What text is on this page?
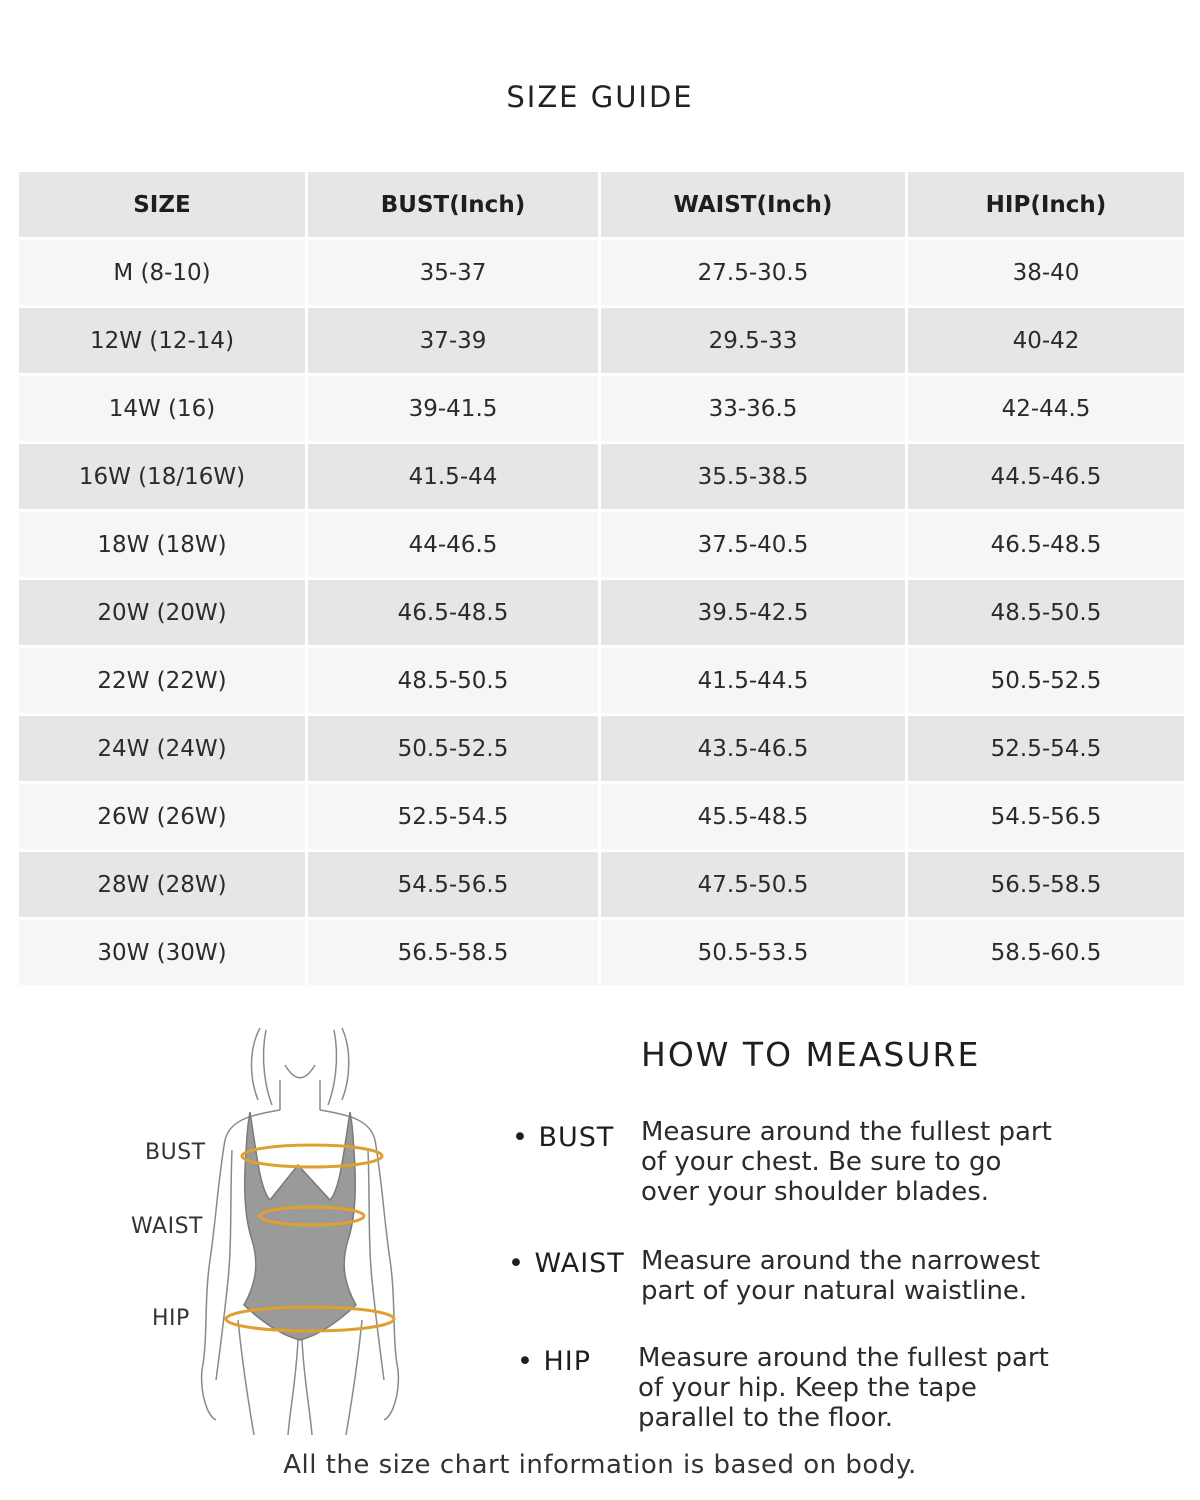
SIZE GUIDE
SIZE	BUST(Inch)	WAIST(Inch)	HIP(Inch)
M (8-10)	35-37	27.5-30.5	38-40
12W (12-14)	37-39	29.5-33	40-42
14W (16)	39-41.5	33-36.5	42-44.5
16W (18/16W)	41.5-44	35.5-38.5	44.5-46.5
18W (18W)	44-46.5	37.5-40.5	46.5-48.5
20W (20W)	46.5-48.5	39.5-42.5	48.5-50.5
22W (22W)	48.5-50.5	41.5-44.5	50.5-52.5
24W (24W)	50.5-52.5	43.5-46.5	52.5-54.5
26W (26W)	52.5-54.5	45.5-48.5	54.5-56.5
28W (28W)	54.5-56.5	47.5-50.5	56.5-58.5
30W (30W)	56.5-58.5	50.5-53.5	58.5-60.5
BUST
WAIST
HIP
HOW TO MEASURE
• BUST Measure around the fullest part
of your chest. Be sure to go
over your shoulder blades.
• WAIST Measure around the narrowest
part of your natural waistline.
• HIP Measure around the fullest part
of your hip. Keep the tape
parallel to the floor.
All the size chart information is based on body.
